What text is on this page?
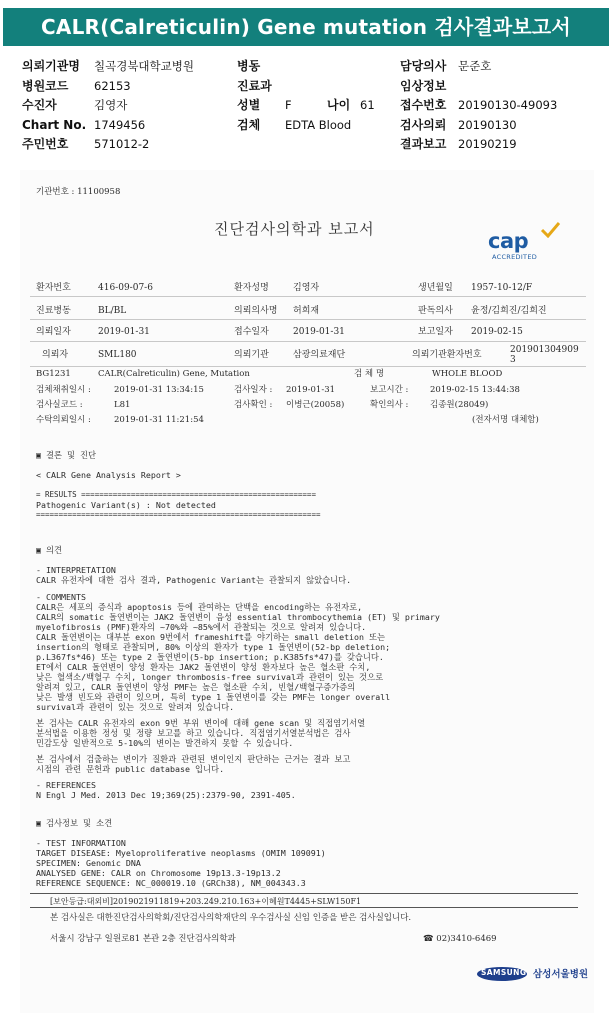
CALR(Calreticulin) Gene mutation 검사결과보고서
의뢰기관명 칠곡경북대학교병원	병동	담당의사 문준호
병원코드 62153	진료과	임상정보
수진자	김영자	성별 F	나이 61 접수번호 20190130-49093
Chart No. 1749456	검체 EDTA Blood	검사의뢰 20190130
주민번호 571012-2	결과보고 20190219
기관번호 : 11100958
진단검사의학과 보고서	cap
ACCREDITED
환자번호	416-09-07-6	환자성명	김영자	생년월일 1957-10-12/F
진료병동	BL/BL	의뢰의사명 허희재	판독의사 윤정/김희진/김희진
의뢰일자	2019-01-31	접수일자	2019-01-31	보고일자 2019-02-15
의뢰자	SML180	의뢰기관	삼광의료재단	의뢰기관환자번호	201901304909
3
BG1231	CALR(Calreticulin) Gene, Mutation	검 체 명	WHOLE BLOOD
검체채취일시 :	2019-01-31 13:34:15	검사일자 : 2019-01-31	보고시간 :	2019-02-15 13:44:38
검사실코드 :	L81	검사확인 : 이병근(20058)	확인의사 :	김종원(28049)
수탁의뢰일시 :	2019-01-31 11:21:54	(전자서명 대체함)
▣ 결론 및 진단
< CALR Gene Analysis Report >
= RESULTS ====================================================
Pathogenic Variant(s) : Not detected
===============================================================
▣ 의견
- INTERPRETATION
CALR 유전자에 대한 검사 결과, Pathogenic Variant는 관찰되지 않았습니다.
- COMMENTS
CALR은 세포의 증식과 apoptosis 등에 관여하는 단백을 encoding하는 유전자로,
CALR의 somatic 돌연변이는 JAK2 돌연변이 음성 essential thrombocythemia (ET) 및 primary
myelofibrosis (PMF)환자의 ~70%와 ~85%에서 관찰되는 것으로 알려져 있습니다.
CALR 돌연변이는 대부분 exon 9번에서 frameshift를 야기하는 small deletion 또는
insertion의 형태로 관찰되며, 80% 이상의 환자가 type 1 돌연변이(52-bp deletion;
p.L367fs*46) 또는 type 2 돌연변이(5-bp insertion; p.K385fs*47)를 갖습니다.
ET에서 CALR 돌연변이 양성 환자는 JAK2 돌연변이 양성 환자보다 높은 혈소판 수치,
낮은 혈색소/백혈구 수치, longer thrombosis-free survival과 관련이 있는 것으로
알려져 있고, CALR 돌연변이 양성 PMF는 높은 혈소판 수치, 빈혈/백혈구증가증의
낮은 발생 빈도와 관련이 있으며, 특히 type 1 돌연변이를 갖는 PMF는 longer overall
survival과 관련이 있는 것으로 알려져 있습니다.
본 검사는 CALR 유전자의 exon 9번 부위 변이에 대해 gene scan 및 직접염기서열
분석법을 이용한 정성 및 정량 보고를 하고 있습니다. 직접염기서열분석법은 검사
민감도상 일반적으로 5-10%의 변이는 발견하지 못할 수 있습니다.
본 검사에서 검출하는 변이가 질환과 관련된 변이인지 판단하는 근거는 결과 보고
시점의 관련 문헌과 public database 입니다.
- REFERENCES
N Engl J Med. 2013 Dec 19;369(25):2379-90, 2391-405.
▣ 검사정보 및 소견
- TEST INFORMATION
TARGET DISEASE: Myeloproliferative neoplasms (OMIM 109091)
SPECIMEN: Genomic DNA
ANALYSED GENE: CALR on Chromosome 19p13.3-19p13.2
REFERENCE SEQUENCE: NC_000019.10 (GRCh38), NM_004343.3
[보안등급:대외비]2019021911819+203.249.210.163+이혜원T4445+SLW150F1
본 검사실은 대한진단검사의학회/진단검사의학재단의 우수검사실 신임 인증을 받은 검사실입니다.
서울시 강남구 일원로81 본관 2층 진단검사의학과	☎ 02)3410-6469
SAMSUNG 삼성서울병원
